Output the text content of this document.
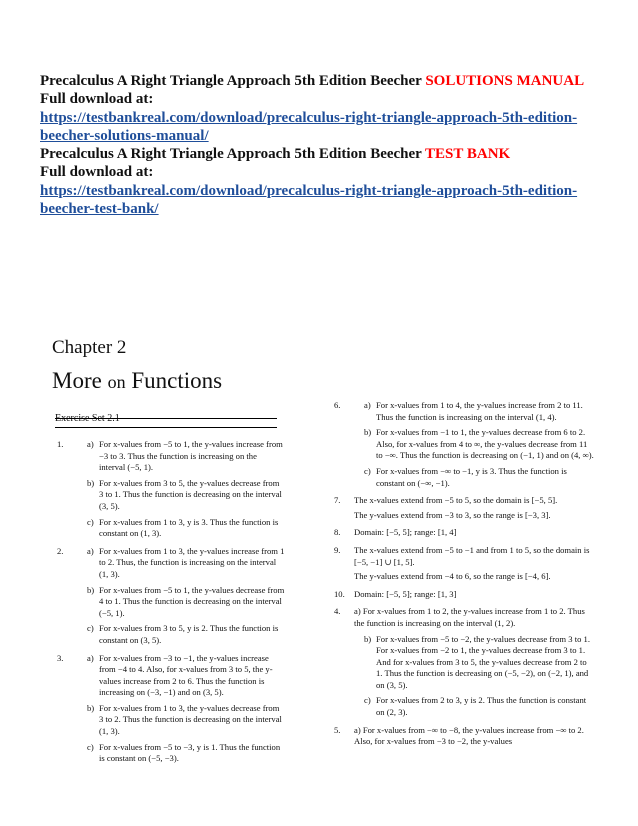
Precalculus A Right Triangle Approach 5th Edition Beecher SOLUTIONS MANUAL
Full download at:
https://testbankreal.com/download/precalculus-right-triangle-approach-5th-edition-beecher-solutions-manual/
Precalculus A Right Triangle Approach 5th Edition Beecher TEST BANK
Full download at:
https://testbankreal.com/download/precalculus-right-triangle-approach-5th-edition-beecher-test-bank/
Chapter 2
More on Functions
1.	a) For x-values from −5 to 1, the y-values increase from −3 to 3. Thus the function is increasing on the interval (−5, 1).
b) For x-values from 3 to 5, the y-values decrease from 3 to 1. Thus the function is decreasing on the interval (3, 5).
c) For x-values from 1 to 3, y is 3. Thus the function is constant on (1, 3).
2.	a) For x-values from 1 to 3, the y-values increase from 1 to 2. Thus, the function is increasing on the interval (1, 3).
b) For x-values from −5 to 1, the y-values decrease from 4 to 1. Thus the function is decreasing on the interval (−5, 1).
c) For x-values from 3 to 5, y is 2. Thus the function is constant on (3, 5).
3.	a) For x-values from −3 to −1, the y-values increase from −4 to 4. Also, for x-values from 3 to 5, the y-values increase from 2 to 6. Thus the function is increasing on (−3, −1) and on (3, 5).
b) For x-values from 1 to 3, the y-values decrease from 3 to 2. Thus the function is decreasing on the interval (1, 3).
c) For x-values from −5 to −3, y is 1. Thus the function is constant on (−5, −3).
6.	a) For x-values from 1 to 4, the y-values increase from 2 to 11. Thus the function is increasing on the interval (1, 4).
b) For x-values from −1 to 1, the y-values decrease from 6 to 2. Also, for x-values from 4 to ∞, the y-values decrease from 11 to −∞. Thus the function is decreasing on (−1, 1) and on (4, ∞).
c) For x-values from −∞ to −1, y is 3. Thus the function is constant on (−∞, −1).
7. The x-values extend from −5 to 5, so the domain is [−5, 5].
The y-values extend from −3 to 3, so the range is [−3, 3].
8. Domain: [−5, 5]; range: [1, 4]
9. The x-values extend from −5 to −1 and from 1 to 5, so the domain is [−5, −1] ∪ [1, 5].
The y-values extend from −4 to 6, so the range is [−4, 6].
10. Domain: [−5, 5]; range: [1, 3]
4. a) For x-values from 1 to 2, the y-values increase from 1 to 2. Thus the function is increasing on the interval (1, 2).
b) For x-values from −5 to −2, the y-values decrease from 3 to 1. For x-values from −2 to 1, the y-values decrease from 3 to 1. And for x-values from 3 to 5, the y-values decrease from 2 to 1. Thus the function is decreasing on (−5, −2), on (−2, 1), and on (3, 5).
c) For x-values from 2 to 3, y is 2. Thus the function is constant on (2, 3).
5. a) For x-values from −∞ to −8, the y-values increase from −∞ to 2. Also, for x-values from −3 to −2, the y-values
